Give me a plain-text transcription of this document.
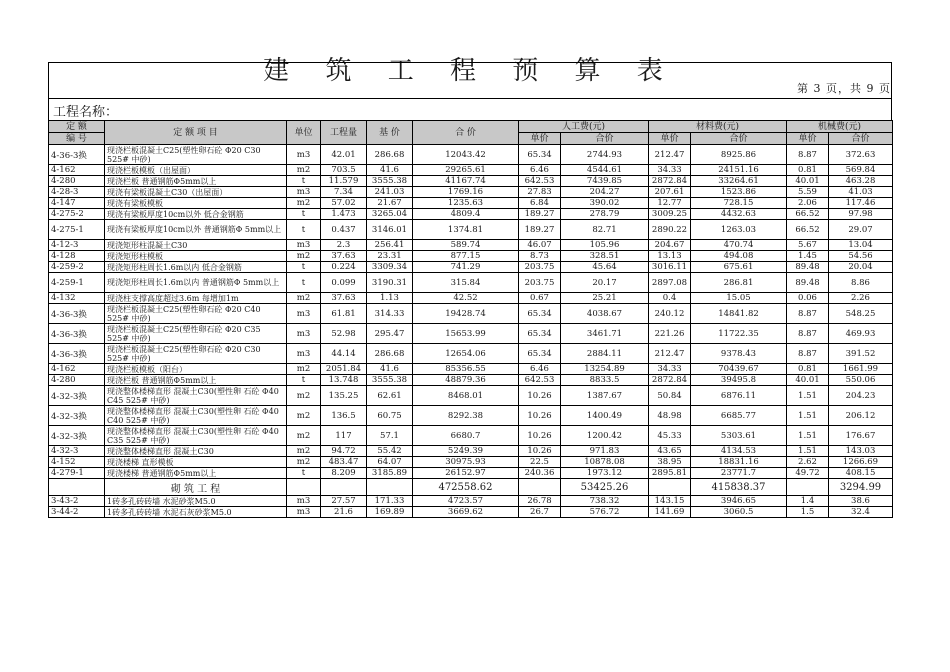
建 筑 工 程 预 算 表
第 3 页，共 9 页
工程名称：
定 额	定 额 项 目	单位	工程量	基 价	合 价	人工费(元)		材料费(元)		机械费(元)	
编 号						单价	合价	单价	合价	单价	合价
4-36-3换	现浇栏板混凝土C25(塑性卵石砼 Φ20 C30 525# 中砂)	m3	42.01	286.68	12043.42	65.34	2744.93	212.47	8925.86	8.87	372.63
4-162	现浇栏板模板（出屋面）	m2	703.5	41.6	29265.61	6.46	4544.61	34.33	24151.16	0.81	569.84
4-280	现浇栏板 普通钢筋Φ5mm以上	t	11.579	3555.38	41167.74	642.53	7439.85	2872.84	33264.61	40.01	463.28
4-28-3	现浇有梁板混凝土C30（出屋面）	m3	7.34	241.03	1769.16	27.83	204.27	207.61	1523.86	5.59	41.03
4-147	现浇有梁板模板	m2	57.02	21.67	1235.63	6.84	390.02	12.77	728.15	2.06	117.46
4-275-2	现浇有梁板厚度10cm以外 低合金钢筋	t	1.473	3265.04	4809.4	189.27	278.79	3009.25	4432.63	66.52	97.98
4-275-1	现浇有梁板厚度10cm以外 普通钢筋Φ 5mm以上	t	0.437	3146.01	1374.81	189.27	82.71	2890.22	1263.03	66.52	29.07
4-12-3	现浇矩形柱混凝土C30	m3	2.3	256.41	589.74	46.07	105.96	204.67	470.74	5.67	13.04
4-128	现浇矩形柱模板	m2	37.63	23.31	877.15	8.73	328.51	13.13	494.08	1.45	54.56
4-259-2	现浇矩形柱周长1.6m以内 低合金钢筋	t	0.224	3309.34	741.29	203.75	45.64	3016.11	675.61	89.48	20.04
4-259-1	现浇矩形柱周长1.6m以内 普通钢筋Φ 5mm以上	t	0.099	3190.31	315.84	203.75	20.17	2897.08	286.81	89.48	8.86
4-132	现浇柱支撑高度超过3.6m 每增加1m	m2	37.63	1.13	42.52	0.67	25.21	0.4	15.05	0.06	2.26
4-36-3换	现浇栏板混凝土C25(塑性卵石砼 Φ20 C40 525# 中砂)	m3	61.81	314.33	19428.74	65.34	4038.67	240.12	14841.82	8.87	548.25
4-36-3换	现浇栏板混凝土C25(塑性卵石砼 Φ20 C35 525# 中砂)	m3	52.98	295.47	15653.99	65.34	3461.71	221.26	11722.35	8.87	469.93
4-36-3换	现浇栏板混凝土C25(塑性卵石砼 Φ20 C30 525# 中砂)	m3	44.14	286.68	12654.06	65.34	2884.11	212.47	9378.43	8.87	391.52
4-162	现浇栏板模板（阳台）	m2	2051.84	41.6	85356.55	6.46	13254.89	34.33	70439.67	0.81	1661.99
4-280	现浇栏板 普通钢筋Φ5mm以上	t	13.748	3555.38	48879.36	642.53	8833.5	2872.84	39495.8	40.01	550.06
4-32-3换	现浇整体楼梯直形 混凝土C30(塑性卵 石砼 Φ40 C45 525# 中砂)	m2	135.25	62.61	8468.01	10.26	1387.67	50.84	6876.11	1.51	204.23
4-32-3换	现浇整体楼梯直形 混凝土C30(塑性卵 石砼 Φ40 C40 525# 中砂)	m2	136.5	60.75	8292.38	10.26	1400.49	48.98	6685.77	1.51	206.12
4-32-3换	现浇整体楼梯直形 混凝土C30(塑性卵 石砼 Φ40 C35 525# 中砂)	m2	117	57.1	6680.7	10.26	1200.42	45.33	5303.61	1.51	176.67
4-32-3	现浇整体楼梯直形 混凝土C30	m2	94.72	55.42	5249.39	10.26	971.83	43.65	4134.53	1.51	143.03
4-152	现浇楼梯 直形模板	m2	483.47	64.07	30975.93	22.5	10878.08	38.95	18831.16	2.62	1266.69
4-279-1	现浇楼梯 普通钢筋Φ5mm以上	t	8.209	3185.89	26152.97	240.36	1973.12	2895.81	23771.7	49.72	408.15
	砌 筑 工 程				472558.62		53425.26		415838.37		3294.99
3-43-2	1砖多孔砖砖墙 水泥砂浆M5.0	m3	27.57	171.33	4723.57	26.78	738.32	143.15	3946.65	1.4	38.6
3-44-2	1砖多孔砖砖墙 水泥石灰砂浆M5.0	m3	21.6	169.89	3669.62	26.7	576.72	141.69	3060.5	1.5	32.4
